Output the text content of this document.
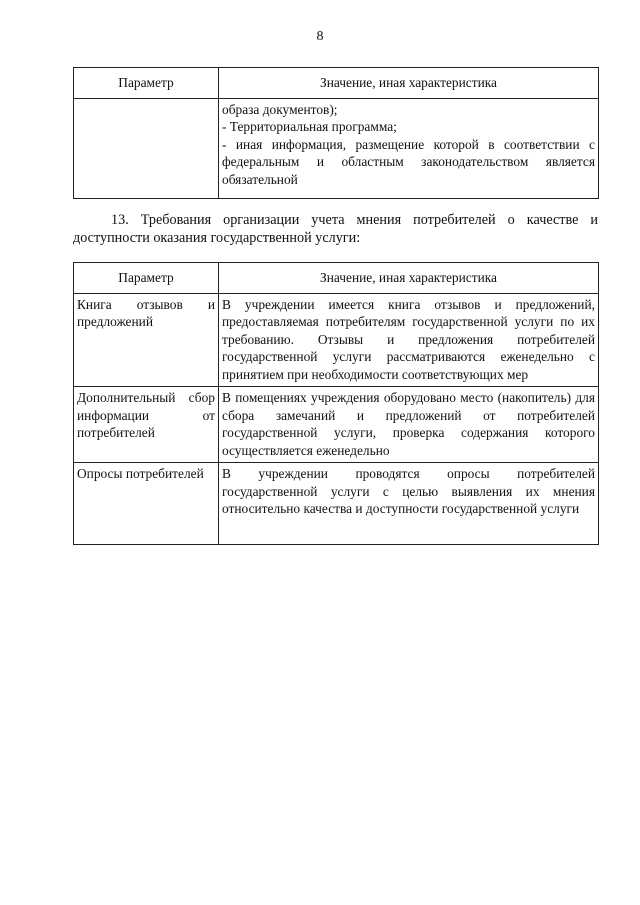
8
Параметр	Значение, иная характеристика

	образа документов);
- Территориальная программа;
- иная информация, размещение которой в соответствии с федеральным и областным законодательством является обязательной
13. Требования организации учета мнения потребителей о качестве и доступности оказания государственной услуги:
Параметр	Значение, иная характеристика
Книга отзывов и предложений	В учреждении имеется книга отзывов и предложений, предоставляемая потребителям государственной услуги по их требованию. Отзывы и предложения потребителей государственной услуги рассматриваются еженедельно с принятием при необходимости соответствующих мер
Дополнительный сбор информации от потребителей	В помещениях учреждения оборудовано место (накопитель) для сбора замечаний и предложений от потребителей государственной услуги, проверка содержания которого осуществляется еженедельно
Опросы потребителей	В учреждении проводятся опросы потребителей государственной услуги с целью выявления их мнения относительно качества и доступности государственной услуги
